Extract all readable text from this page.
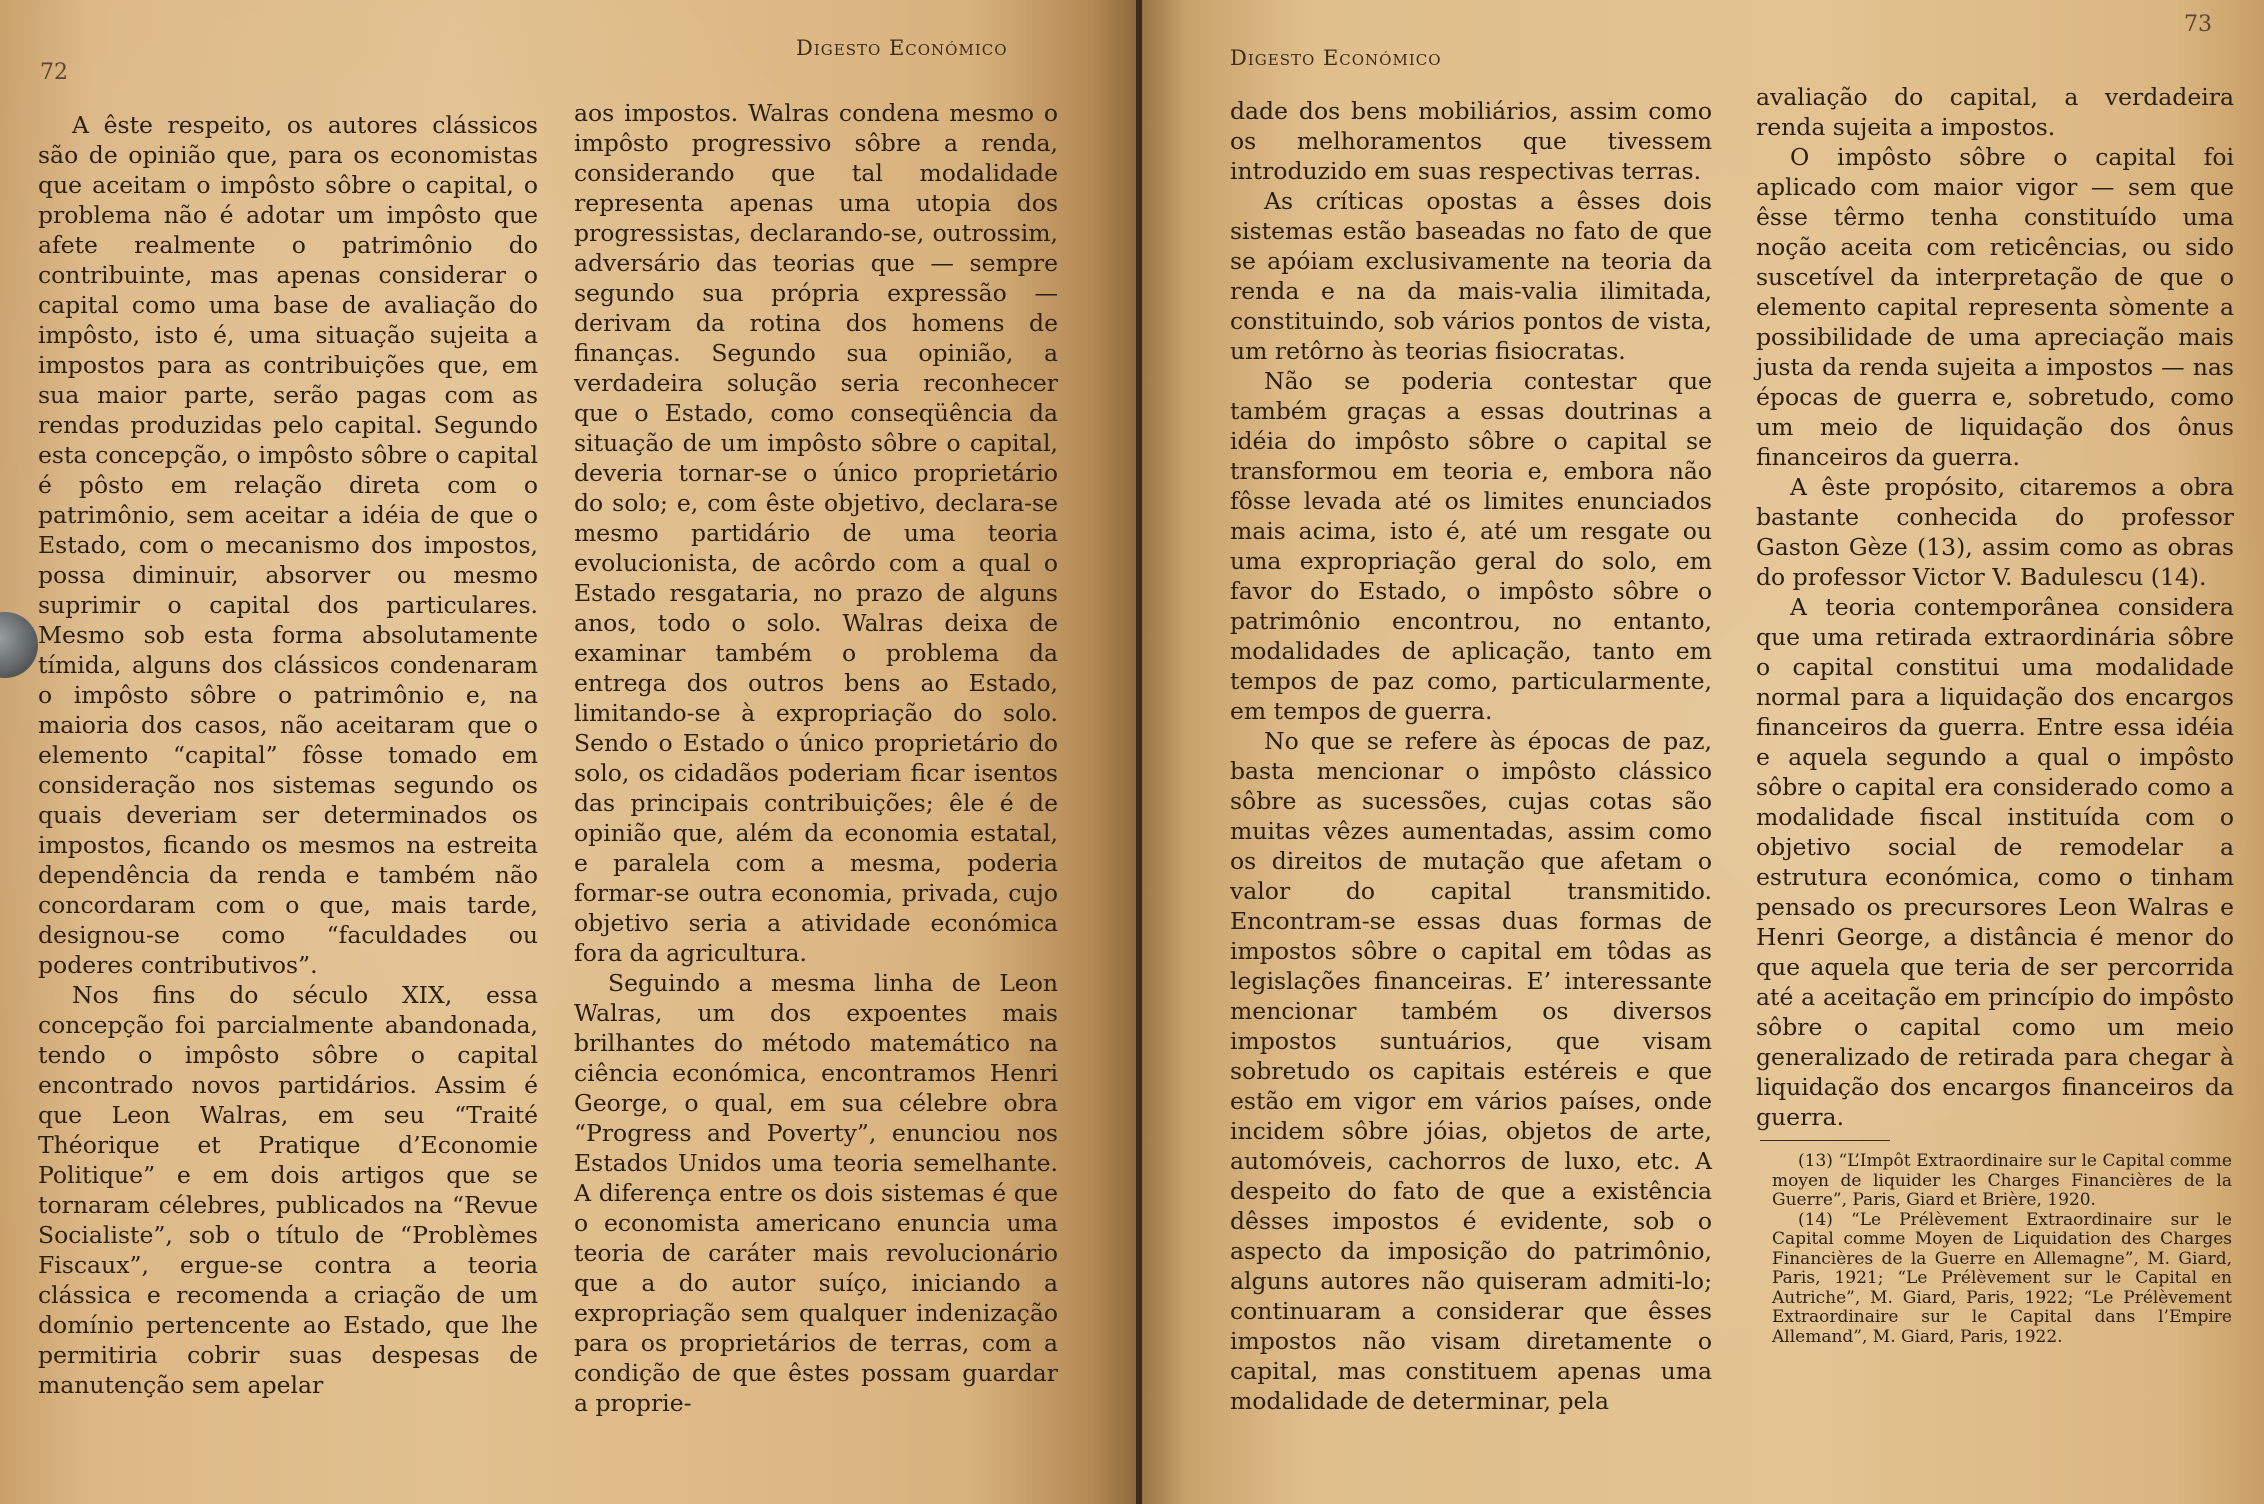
72
Digesto Económico

A êste respeito, os autores clássicos são de opinião que, para os economistas que aceitam o impôsto sôbre o capital, o problema não é adotar um impôsto que afete realmente o patrimônio do contribuinte, mas apenas considerar o capital como uma base de avaliação do impôsto, isto é, uma situação sujeita a impostos para as contribuições que, em sua maior parte, serão pagas com as rendas produzidas pelo capital. Segundo esta concepção, o impôsto sôbre o capital é pôsto em relação direta com o patrimônio, sem aceitar a idéia de que o Estado, com o mecanismo dos impostos, possa diminuir, absorver ou mesmo suprimir o capital dos particulares. Mesmo sob esta forma absolutamente tímida, alguns dos clássicos condenaram o impôsto sôbre o patrimônio e, na maioria dos casos, não aceitaram que o elemento “capital” fôsse tomado em consideração nos sistemas segundo os quais deveriam ser determinados os impostos, ficando os mesmos na estreita dependência da renda e também não concordaram com o que, mais tarde, designou-se como “faculdades ou poderes contributivos”.

Nos fins do século XIX, essa concepção foi parcialmente abandonada, tendo o impôsto sôbre o capital encontrado novos partidários. Assim é que Leon Walras, em seu “Traité Théorique et Pratique d’Economie Politique” e em dois artigos que se tornaram célebres, publicados na “Revue Socialiste”, sob o título de “Problèmes Fiscaux”, ergue-se contra a teoria clássica e recomenda a criação de um domínio pertencente ao Estado, que lhe permitiria cobrir suas despesas de manutenção sem apelar

aos impostos. Walras condena mesmo o impôsto progressivo sôbre a renda, considerando que tal modalidade representa apenas uma utopia dos progressistas, declarando-se, outrossim, adversário das teorias que — sempre segundo sua própria expressão — derivam da rotina dos homens de finanças. Segundo sua opinião, a verdadeira solução seria reconhecer que o Estado, como conseqüência da situação de um impôsto sôbre o capital, deveria tornar-se o único proprietário do solo; e, com êste objetivo, declara-se mesmo partidário de uma teoria evolucionista, de acôrdo com a qual o Estado resgataria, no prazo de alguns anos, todo o solo. Walras deixa de examinar também o problema da entrega dos outros bens ao Estado, limitando-se à expropriação do solo. Sendo o Estado o único proprietário do solo, os cidadãos poderiam ficar isentos das principais contribuições; êle é de opinião que, além da economia estatal, e paralela com a mesma, poderia formar-se outra economia, privada, cujo objetivo seria a atividade económica fora da agricultura.

Seguindo a mesma linha de Leon Walras, um dos expoentes mais brilhantes do método matemático na ciência económica, encontramos Henri George, o qual, em sua célebre obra “Progress and Poverty”, enunciou nos Estados Unidos uma teoria semelhante. A diferença entre os dois sistemas é que o economista americano enuncia uma teoria de caráter mais revolucionário que a do autor suíço, iniciando a expropriação sem qualquer indenização para os proprietários de terras, com a condição de que êstes possam guardar a proprie-

Digesto Económico
73

dade dos bens mobiliários, assim como os melhoramentos que tivessem introduzido em suas respectivas terras.

As críticas opostas a êsses dois sistemas estão baseadas no fato de que se apóiam exclusivamente na teoria da renda e na da mais-valia ilimitada, constituindo, sob vários pontos de vista, um retôrno às teorias fisiocratas.

Não se poderia contestar que também graças a essas doutrinas a idéia do impôsto sôbre o capital se transformou em teoria e, embora não fôsse levada até os limites enunciados mais acima, isto é, até um resgate ou uma expropriação geral do solo, em favor do Estado, o impôsto sôbre o patrimônio encontrou, no entanto, modalidades de aplicação, tanto em tempos de paz como, particularmente, em tempos de guerra.

No que se refere às épocas de paz, basta mencionar o impôsto clássico sôbre as sucessões, cujas cotas são muitas vêzes aumentadas, assim como os direitos de mutação que afetam o valor do capital transmitido. Encontram-se essas duas formas de impostos sôbre o capital em tôdas as legislações financeiras. E’ interessante mencionar também os diversos impostos suntuários, que visam sobretudo os capitais estéreis e que estão em vigor em vários países, onde incidem sôbre jóias, objetos de arte, automóveis, cachorros de luxo, etc. A despeito do fato de que a existência dêsses impostos é evidente, sob o aspecto da imposição do patrimônio, alguns autores não quiseram admiti-lo; continuaram a considerar que êsses impostos não visam diretamente o capital, mas constituem apenas uma modalidade de determinar, pela

avaliação do capital, a verdadeira renda sujeita a impostos.

O impôsto sôbre o capital foi aplicado com maior vigor — sem que êsse têrmo tenha constituído uma noção aceita com reticências, ou sido suscetível da interpretação de que o elemento capital representa sòmente a possibilidade de uma apreciação mais justa da renda sujeita a impostos — nas épocas de guerra e, sobretudo, como um meio de liquidação dos ônus financeiros da guerra.

A êste propósito, citaremos a obra bastante conhecida do professor Gaston Gèze (13), assim como as obras do professor Victor V. Badulescu (14).

A teoria contemporânea considera que uma retirada extraordinária sôbre o capital constitui uma modalidade normal para a liquidação dos encargos financeiros da guerra. Entre essa idéia e aquela segundo a qual o impôsto sôbre o capital era considerado como a modalidade fiscal instituída com o objetivo social de remodelar a estrutura económica, como o tinham pensado os precursores Leon Walras e Henri George, a distância é menor do que aquela que teria de ser percorrida até a aceitação em princípio do impôsto sôbre o capital como um meio generalizado de retirada para chegar à liquidação dos encargos financeiros da guerra.

(13) “L’Impôt Extraordinaire sur le Capital comme moyen de liquider les Charges Financières de la Guerre”, Paris, Giard et Brière, 1920.

(14) “Le Prélèvement Extraordinaire sur le Capital comme Moyen de Liquidation des Charges Financières de la Guerre en Allemagne”, M. Giard, Paris, 1921; “Le Prélèvement sur le Capital en Autriche”, M. Giard, Paris, 1922; “Le Prélèvement Extraordinaire sur le Capital dans l’Empire Allemand”, M. Giard, Paris, 1922.
